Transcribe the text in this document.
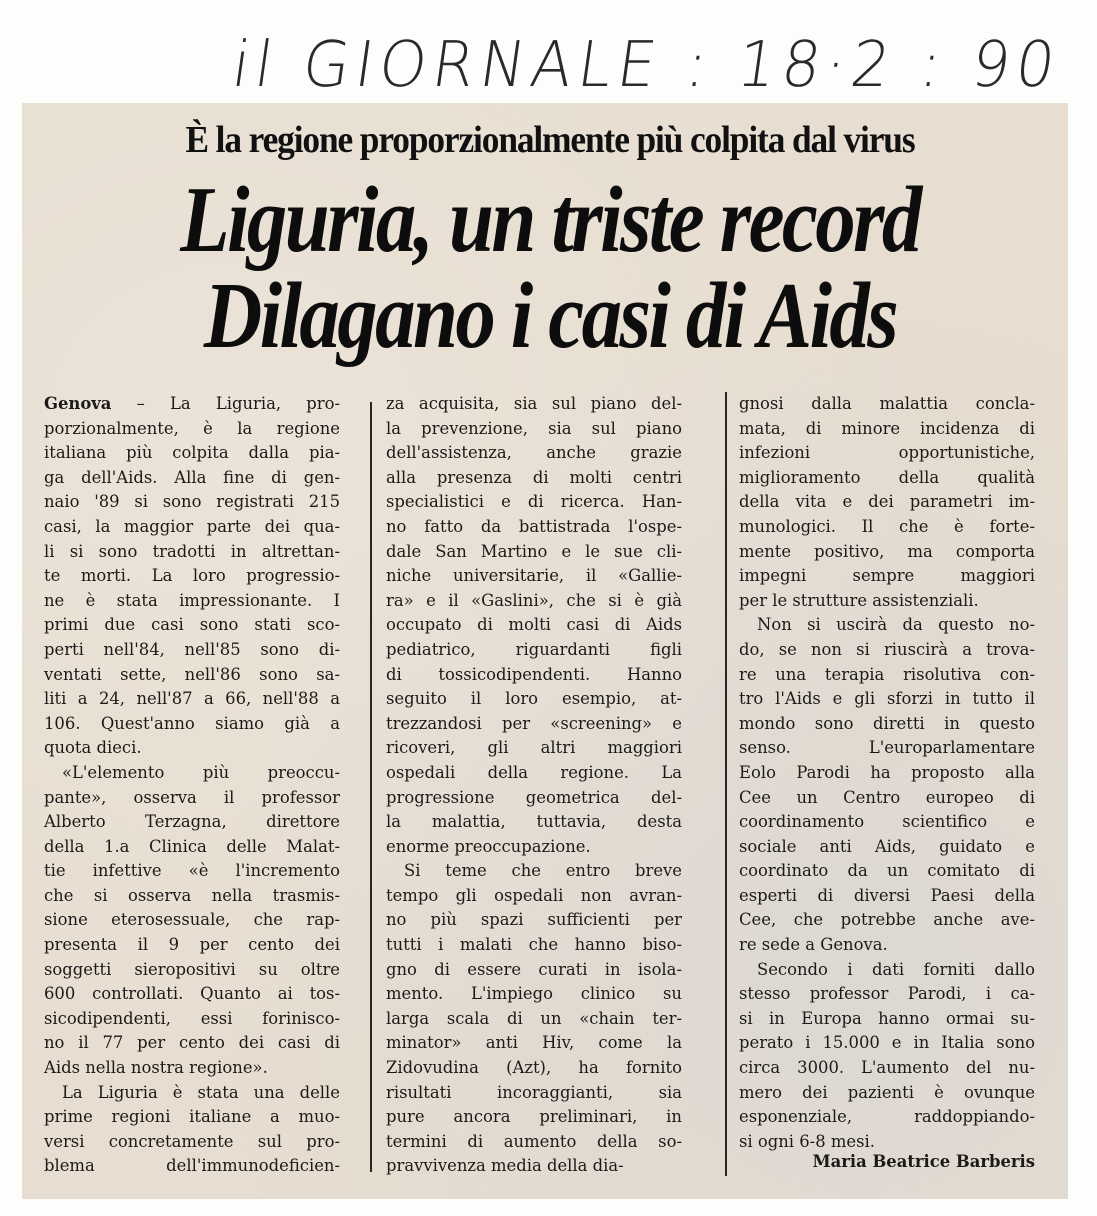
il GIORNALE : 18·2 : 90
È la regione proporzionalmente più colpita dal virus
Liguria, un triste record
Dilagano i casi di Aids
Genova – La Liguria, pro-
porzionalmente, è la regione
italiana più colpita dalla pia-
ga dell'Aids. Alla fine di gen-
naio '89 si sono registrati 215
casi, la maggior parte dei qua-
li si sono tradotti in altrettan-
te morti. La loro progressio-
ne è stata impressionante. I
primi due casi sono stati sco-
perti nell'84, nell'85 sono di-
ventati sette, nell'86 sono sa-
liti a 24, nell'87 a 66, nell'88 a
106. Quest'anno siamo già a
quota dieci.
«L'elemento più preoccu-
pante», osserva il professor
Alberto Terzagna, direttore
della 1.a Clinica delle Malat-
tie infettive «è l'incremento
che si osserva nella trasmis-
sione eterosessuale, che rap-
presenta il 9 per cento dei
soggetti sieropositivi su oltre
600 controllati. Quanto ai tos-
sicodipendenti, essi forinisco-
no il 77 per cento dei casi di
Aids nella nostra regione».
La Liguria è stata una delle
prime regioni italiane a muo-
versi concretamente sul pro-
blema dell'immunodeficien-
za acquisita, sia sul piano del-
la prevenzione, sia sul piano
dell'assistenza, anche grazie
alla presenza di molti centri
specialistici e di ricerca. Han-
no fatto da battistrada l'ospe-
dale San Martino e le sue cli-
niche universitarie, il «Gallie-
ra» e il «Gaslini», che si è già
occupato di molti casi di Aids
pediatrico, riguardanti figli
di tossicodipendenti. Hanno
seguito il loro esempio, at-
trezzandosi per «screening» e
ricoveri, gli altri maggiori
ospedali della regione. La
progressione geometrica del-
la malattia, tuttavia, desta
enorme preoccupazione.
Si teme che entro breve
tempo gli ospedali non avran-
no più spazi sufficienti per
tutti i malati che hanno biso-
gno di essere curati in isola-
mento. L'impiego clinico su
larga scala di un «chain ter-
minator» anti Hiv, come la
Zidovudina (Azt), ha fornito
risultati incoraggianti, sia
pure ancora preliminari, in
termini di aumento della so-
pravvivenza media della dia-
gnosi dalla malattia concla-
mata, di minore incidenza di
infezioni opportunistiche,
miglioramento della qualità
della vita e dei parametri im-
munologici. Il che è forte-
mente positivo, ma comporta
impegni sempre maggiori
per le strutture assistenziali.
Non si uscirà da questo no-
do, se non si riuscirà a trova-
re una terapia risolutiva con-
tro l'Aids e gli sforzi in tutto il
mondo sono diretti in questo
senso. L'europarlamentare
Eolo Parodi ha proposto alla
Cee un Centro europeo di
coordinamento scientifico e
sociale anti Aids, guidato e
coordinato da un comitato di
esperti di diversi Paesi della
Cee, che potrebbe anche ave-
re sede a Genova.
Secondo i dati forniti dallo
stesso professor Parodi, i ca-
si in Europa hanno ormai su-
perato i 15.000 e in Italia sono
circa 3000. L'aumento del nu-
mero dei pazienti è ovunque
esponenziale, raddoppiando-
si ogni 6-8 mesi.

Maria Beatrice Barberis
